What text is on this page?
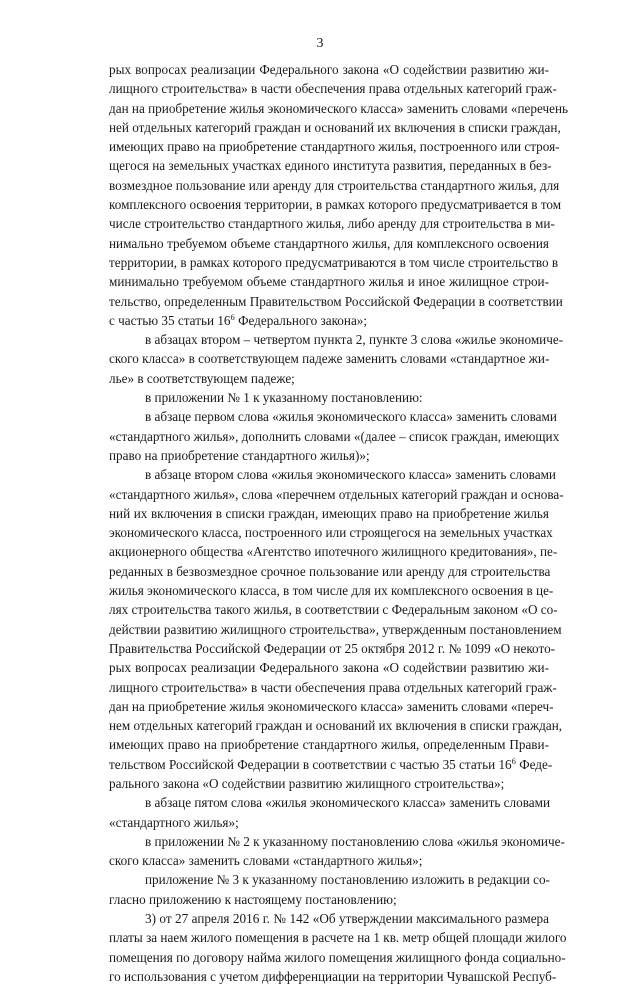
3
рых вопросах реализации Федерального закона «О содействии развитию жи-
лищного строительства» в части обеспечения права отдельных категорий граж-
дан на приобретение жилья экономического класса» заменить словами «перечень
ней отдельных категорий граждан и оснований их включения в списки граждан,
имеющих право на приобретение стандартного жилья, построенного или строя-
щегося на земельных участках единого института развития, переданных в без-
возмездное пользование или аренду для строительства стандартного жилья, для
комплексного освоения территории, в рамках которого предусматривается в том
числе строительство стандартного жилья, либо аренду для строительства в ми-
нимально требуемом объеме стандартного жилья, для комплексного освоения
территории, в рамках которого предусматриваются в том числе строительство в
минимально требуемом объеме стандартного жилья и иное жилищное строи-
тельство, определенным Правительством Российской Федерации в соответствии
с частью 35 статьи $16^6$ Федерального закона»;
в абзацах втором – четвертом пункта 2, пункте 3 слова «жилье экономиче-
ского класса» в соответствующем падеже заменить словами «стандартное жи-
лье» в соответствующем падеже;
в приложении № 1 к указанному постановлению:
в абзаце первом слова «жилья экономического класса» заменить словами
«стандартного жилья», дополнить словами «(далее – список граждан, имеющих
право на приобретение стандартного жилья)»;
в абзаце втором слова «жилья экономического класса» заменить словами
«стандартного жилья», слова «перечнем отдельных категорий граждан и основа-
ний их включения в списки граждан, имеющих право на приобретение жилья
экономического класса, построенного или строящегося на земельных участках
акционерного общества «Агентство ипотечного жилищного кредитования», пе-
реданных в безвозмездное срочное пользование или аренду для строительства
жилья экономического класса, в том числе для их комплексного освоения в це-
лях строительства такого жилья, в соответствии с Федеральным законом «О со-
действии развитию жилищного строительства», утвержденным постановлением
Правительства Российской Федерации от 25 октября 2012 г. № 1099 «О некото-
рых вопросах реализации Федерального закона «О содействии развитию жи-
лищного строительства» в части обеспечения права отдельных категорий граж-
дан на приобретение жилья экономического класса» заменить словами «переч-
нем отдельных категорий граждан и оснований их включения в списки граждан,
имеющих право на приобретение стандартного жилья, определенным Прави-
тельством Российской Федерации в соответствии с частью 35 статьи $16^6$ Феде-
рального закона «О содействии развитию жилищного строительства»;
в абзаце пятом слова «жилья экономического класса» заменить словами
«стандартного жилья»;
в приложении № 2 к указанному постановлению слова «жилья экономиче-
ского класса» заменить словами «стандартного жилья»;
приложение № 3 к указанному постановлению изложить в редакции со-
гласно приложению к настоящему постановлению;
3) от 27 апреля 2016 г. № 142 «Об утверждении максимального размера
платы за наем жилого помещения в расчете на 1 кв. метр общей площади жилого
помещения по договору найма жилого помещения жилищного фонда социально-
го использования с учетом дифференциации на территории Чувашской Респуб-
